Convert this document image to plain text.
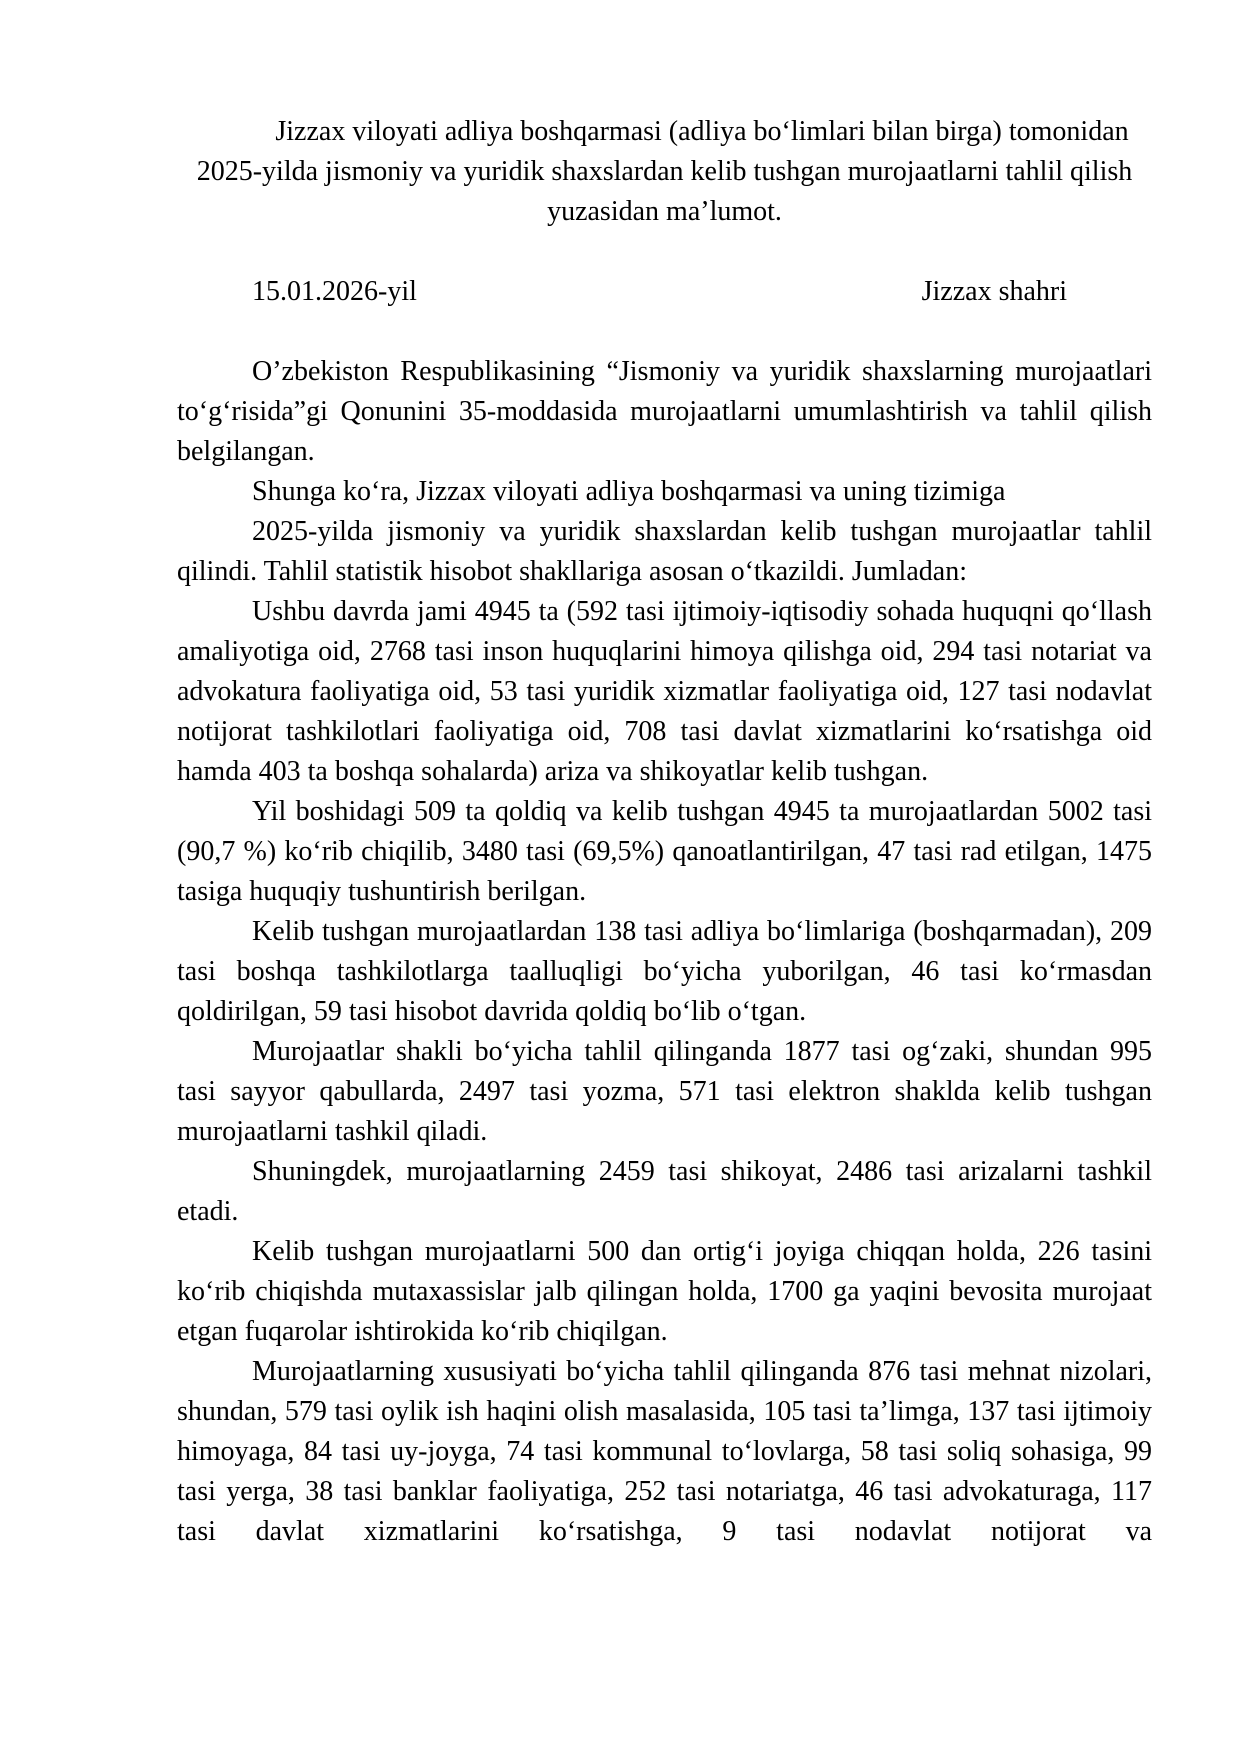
Jizzax viloyati adliya boshqarmasi (adliya boʻlimlari bilan birga) tomonidan 2025-yilda jismoniy va yuridik shaxslardan kelib tushgan murojaatlarni tahlil qilish yuzasidan ma’lumot.

15.01.2026-yil	Jizzax shahri

O’zbekiston Respublikasining “Jismoniy va yuridik shaxslarning murojaatlari toʻgʻrisida”gi Qonunini 35-moddasida murojaatlarni umumlashtirish va tahlil qilish belgilangan.

Shunga koʻra, Jizzax viloyati adliya boshqarmasi va uning tizimiga

2025-yilda jismoniy va yuridik shaxslardan kelib tushgan murojaatlar tahlil qilindi. Tahlil statistik hisobot shakllariga asosan oʻtkazildi. Jumladan:

Ushbu davrda jami 4945 ta (592 tasi ijtimoiy-iqtisodiy sohada huquqni qoʻllash amaliyotiga oid, 2768 tasi inson huquqlarini himoya qilishga oid, 294 tasi notariat va advokatura faoliyatiga oid, 53 tasi yuridik xizmatlar faoliyatiga oid, 127 tasi nodavlat notijorat tashkilotlari faoliyatiga oid, 708 tasi davlat xizmatlarini koʻrsatishga oid hamda 403 ta boshqa sohalarda) ariza va shikoyatlar kelib tushgan.

Yil boshidagi 509 ta qoldiq va kelib tushgan 4945 ta murojaatlardan 5002 tasi (90,7 %) koʻrib chiqilib, 3480 tasi (69,5%) qanoatlantirilgan, 47 tasi rad etilgan, 1475 tasiga huquqiy tushuntirish berilgan.

Kelib tushgan murojaatlardan 138 tasi adliya boʻlimlariga (boshqarmadan), 209 tasi boshqa tashkilotlarga taalluqligi boʻyicha yuborilgan, 46 tasi koʻrmasdan qoldirilgan, 59 tasi hisobot davrida qoldiq boʻlib oʻtgan.

Murojaatlar shakli boʻyicha tahlil qilinganda 1877 tasi ogʻzaki, shundan 995 tasi sayyor qabullarda, 2497 tasi yozma, 571 tasi elektron shaklda kelib tushgan murojaatlarni tashkil qiladi.

Shuningdek, murojaatlarning 2459 tasi shikoyat, 2486 tasi arizalarni tashkil etadi.

Kelib tushgan murojaatlarni 500 dan ortigʻi joyiga chiqqan holda, 226 tasini koʻrib chiqishda mutaxassislar jalb qilingan holda, 1700 ga yaqini bevosita murojaat etgan fuqarolar ishtirokida koʻrib chiqilgan.

Murojaatlarning xususiyati boʻyicha tahlil qilinganda 876 tasi mehnat nizolari, shundan, 579 tasi oylik ish haqini olish masalasida, 105 tasi ta’limga, 137 tasi ijtimoiy himoyaga, 84 tasi uy-joyga, 74 tasi kommunal toʻlovlarga, 58 tasi soliq sohasiga, 99 tasi yerga, 38 tasi banklar faoliyatiga, 252 tasi notariatga, 46 tasi advokaturaga, 117 tasi davlat xizmatlarini koʻrsatishga, 9 tasi nodavlat notijorat va
